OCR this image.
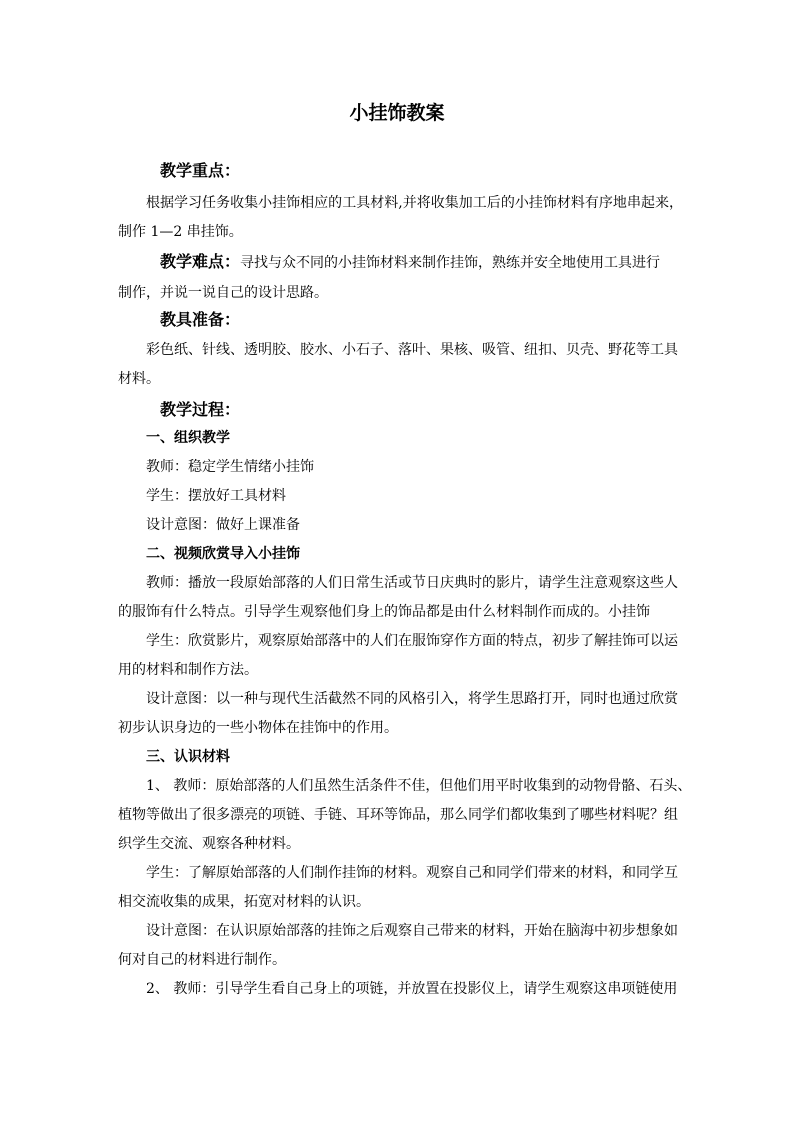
小挂饰教案

教学重点：

根据学习任务收集小挂饰相应的工具材料,并将收集加工后的小挂饰材料有序地串起来，

制作 1—2 串挂饰。

教学难点：寻找与众不同的小挂饰材料来制作挂饰，熟练并安全地使用工具进行

制作，并说一说自己的设计思路。

教具准备：

彩色纸、针线、透明胶、胶水、小石子、落叶、果核、吸管、纽扣、贝壳、野花等工具

材料。

教学过程：

一、组织教学

教师：稳定学生情绪小挂饰

学生：摆放好工具材料

设计意图：做好上课准备

二、视频欣赏导入小挂饰

教师：播放一段原始部落的人们日常生活或节日庆典时的影片，请学生注意观察这些人

的服饰有什么特点。引导学生观察他们身上的饰品都是由什么材料制作而成的。小挂饰

学生：欣赏影片，观察原始部落中的人们在服饰穿作方面的特点，初步了解挂饰可以运

用的材料和制作方法。

设计意图：以一种与现代生活截然不同的风格引入，将学生思路打开，同时也通过欣赏

初步认识身边的一些小物体在挂饰中的作用。

三、认识材料

1、 教师：原始部落的人们虽然生活条件不佳，但他们用平时收集到的动物骨骼、石头、

植物等做出了很多漂亮的项链、手链、耳环等饰品，那么同学们都收集到了哪些材料呢？组

织学生交流、观察各种材料。

学生：了解原始部落的人们制作挂饰的材料。观察自己和同学们带来的材料，和同学互

相交流收集的成果，拓宽对材料的认识。

设计意图：在认识原始部落的挂饰之后观察自己带来的材料，开始在脑海中初步想象如

何对自己的材料进行制作。

2、 教师：引导学生看自己身上的项链，并放置在投影仪上，请学生观察这串项链使用
